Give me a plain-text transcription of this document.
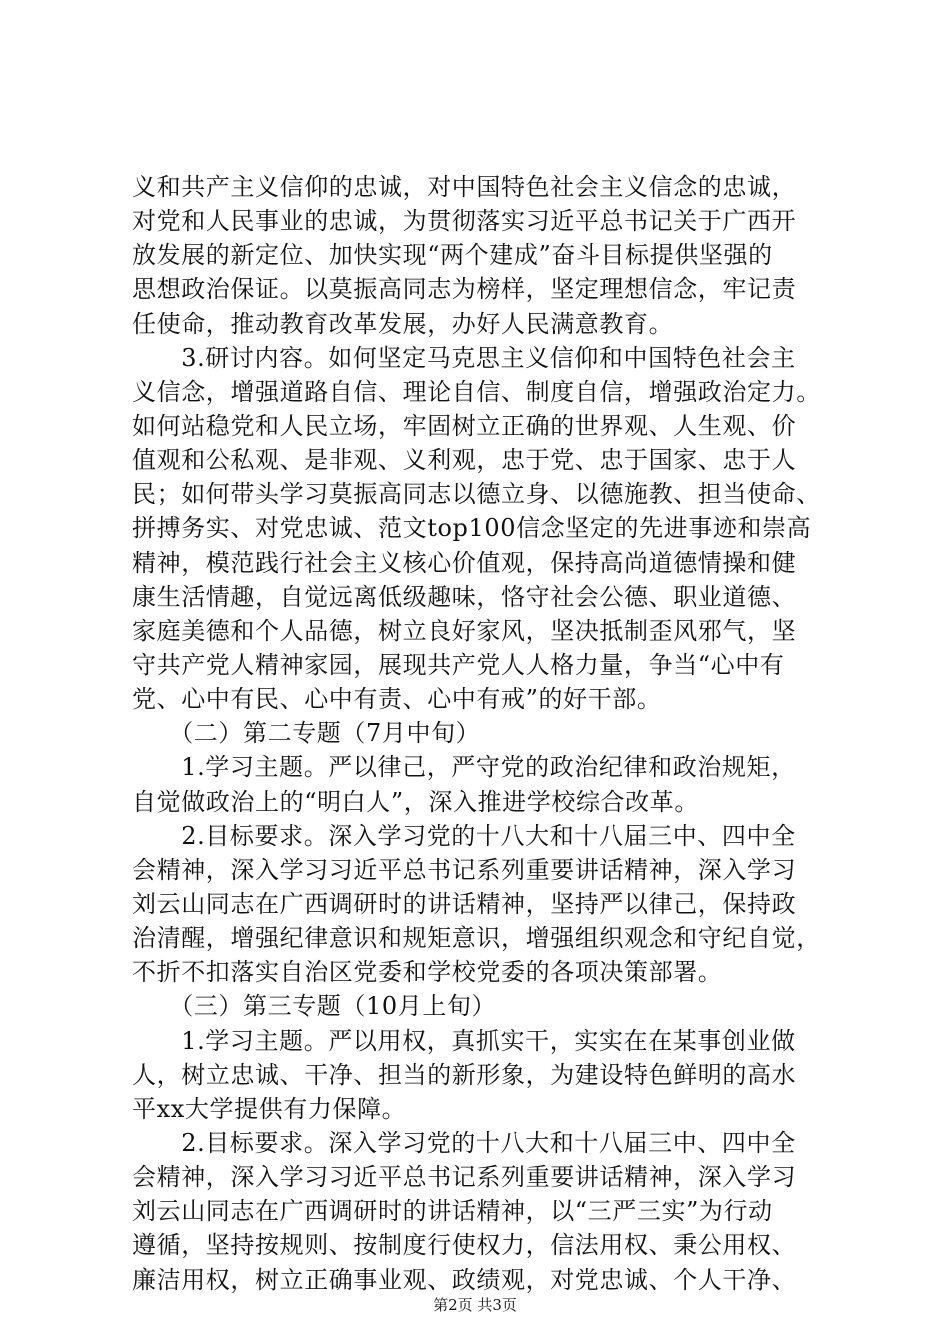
义和共产主义信仰的忠诚，对中国特色社会主义信念的忠诚，
对党和人民事业的忠诚，为贯彻落实习近平总书记关于广西开
放发展的新定位、加快实现“两个建成”奋斗目标提供坚强的
思想政治保证。以莫振高同志为榜样，坚定理想信念，牢记责
任使命，推动教育改革发展，办好人民满意教育。
　　3.研讨内容。如何坚定马克思主义信仰和中国特色社会主
义信念，增强道路自信、理论自信、制度自信，增强政治定力。
如何站稳党和人民立场，牢固树立正确的世界观、人生观、价
值观和公私观、是非观、义利观，忠于党、忠于国家、忠于人
民；如何带头学习莫振高同志以德立身、以德施教、担当使命、
拼搏务实、对党忠诚、范文top100信念坚定的先进事迹和崇高
精神，模范践行社会主义核心价值观，保持高尚道德情操和健
康生活情趣，自觉远离低级趣味，恪守社会公德、职业道德、
家庭美德和个人品德，树立良好家风，坚决抵制歪风邪气，坚
守共产党人精神家园，展现共产党人人格力量，争当“心中有
党、心中有民、心中有责、心中有戒”的好干部。
　　（二）第二专题（7月中旬）
　　1.学习主题。严以律己，严守党的政治纪律和政治规矩，
自觉做政治上的“明白人”，深入推进学校综合改革。
　　2.目标要求。深入学习党的十八大和十八届三中、四中全
会精神，深入学习习近平总书记系列重要讲话精神，深入学习
刘云山同志在广西调研时的讲话精神，坚持严以律己，保持政
治清醒，增强纪律意识和规矩意识，增强组织观念和守纪自觉，
不折不扣落实自治区党委和学校党委的各项决策部署。
　　（三）第三专题（10月上旬）
　　1.学习主题。严以用权，真抓实干，实实在在某事创业做
人，树立忠诚、干净、担当的新形象，为建设特色鲜明的高水
平xx大学提供有力保障。
　　2.目标要求。深入学习党的十八大和十八届三中、四中全
会精神，深入学习习近平总书记系列重要讲话精神，深入学习
刘云山同志在广西调研时的讲话精神，以“三严三实”为行动
遵循，坚持按规则、按制度行使权力，信法用权、秉公用权、
廉洁用权，树立正确事业观、政绩观，对党忠诚、个人干净、
第2页 共3页
